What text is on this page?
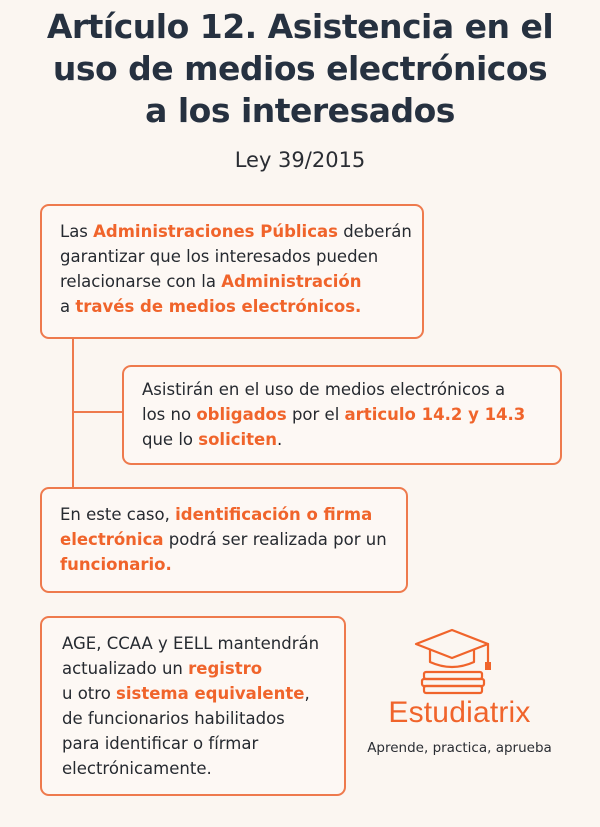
Artículo 12. Asistencia en el
uso de medios electrónicos
a los interesados
Ley 39/2015
Las Administraciones Públicas deberán
garantizar que los interesados pueden
relacionarse con la Administración
a través de medios electrónicos.
Asistirán en el uso de medios electrónicos a
los no obligados por el articulo 14.2 y 14.3
que lo soliciten.
En este caso, identificación o firma
electrónica podrá ser realizada por un
funcionario.
AGE, CCAA y EELL mantendrán
actualizado un registro
u otro sistema equivalente,
de funcionarios habilitados
para identificar o fírmar
electrónicamente.
Estudiatrix
Aprende, practica, aprueba
